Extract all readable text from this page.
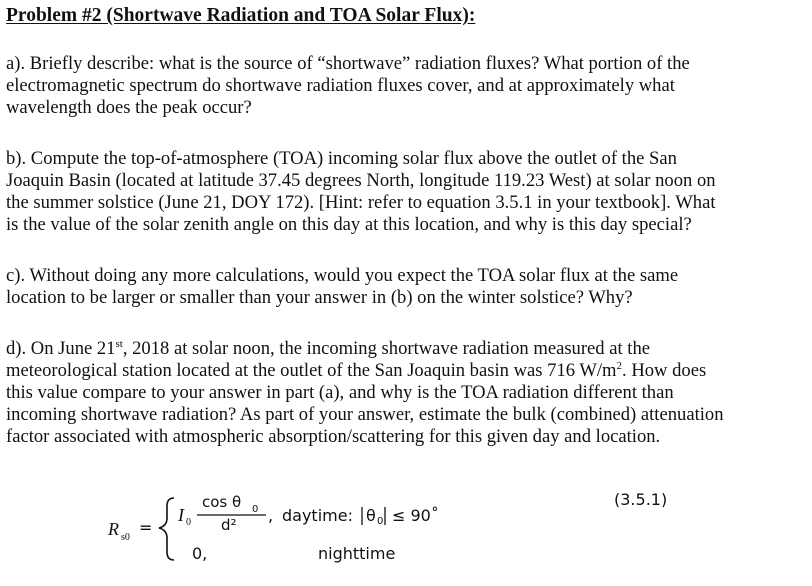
Problem #2 (Shortwave Radiation and TOA Solar Flux):

a). Briefly describe: what is the source of “shortwave” radiation fluxes? What portion of the
electromagnetic spectrum do shortwave radiation fluxes cover, and at approximately what
wavelength does the peak occur?

b). Compute the top-of-atmosphere (TOA) incoming solar flux above the outlet of the San
Joaquin Basin (located at latitude 37.45 degrees North, longitude 119.23 West) at solar noon on
the summer solstice (June 21, DOY 172). [Hint: refer to equation 3.5.1 in your textbook]. What
is the value of the solar zenith angle on this day at this location, and why is this day special?

c). Without doing any more calculations, would you expect the TOA solar flux at the same
location to be larger or smaller than your answer in (b) on the winter solstice? Why?

d). On June 21st, 2018 at solar noon, the incoming shortwave radiation measured at the
meteorological station located at the outlet of the San Joaquin basin was 716 $W/m^2$. How does
this value compare to your answer in part (a), and why is the TOA radiation different than
incoming shortwave radiation? As part of your answer, estimate the bulk (combined) attenuation
factor associated with atmospheric absorption/scattering for this given day and location.

R s0
=
I 0
cos θ 0
d² , daytime: θ 0 ≤ 90˚
0,	nighttime
(3.5.1)
